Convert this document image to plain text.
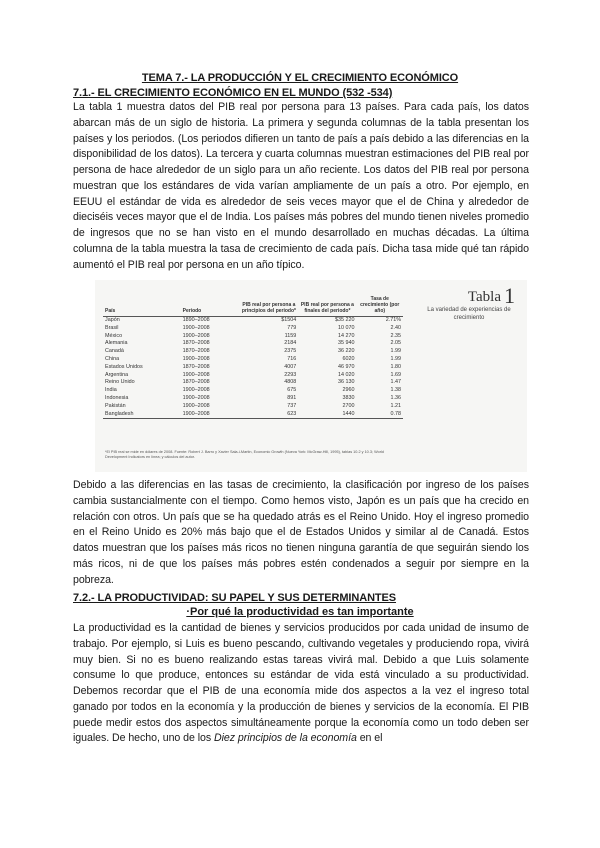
TEMA 7.- LA PRODUCCIÓN Y EL CRECIMIENTO ECONÓMICO

7.1.- EL CRECIMIENTO ECONÓMICO EN EL MUNDO (532 -534)

La tabla 1 muestra datos del PIB real por persona para 13 países. Para cada país, los datos abarcan más de un siglo de historia. La primera y segunda columnas de la tabla presentan los países y los periodos. (Los periodos difieren un tanto de país a país debido a las diferencias en la disponibilidad de los datos). La tercera y cuarta columnas muestran estimaciones del PIB real por persona de hace alrededor de un siglo para un año reciente. Los datos del PIB real por persona muestran que los estándares de vida varían ampliamente de un país a otro. Por ejemplo, en EEUU el estándar de vida es alrededor de seis veces mayor que el de China y alrededor de dieciséis veces mayor que el de India. Los países más pobres del mundo tienen niveles promedio de ingresos que no se han visto en el mundo desarrollado en muchas décadas. La última columna de la tabla muestra la tasa de crecimiento de cada país. Dicha tasa mide qué tan rápido aumentó el PIB real por persona en un año típico.

Tabla 1
La variedad de experiencias de crecimiento
País	Periodo	PIB real por persona a principios del periodo*	PIB real por persona a finales del periodo*	Tasa de crecimiento (por año)
Japón	1890–2008	$1504	$35 220	2.71%
Brasil	1900–2008	779	10 070	2.40
México	1900–2008	1159	14 270	2.35
Alemania	1870–2008	2184	35 940	2.05
Canadá	1870–2008	2375	36 220	1.99
China	1900–2008	716	6020	1.99
Estados Unidos	1870–2008	4007	46 970	1.80
Argentina	1900–2008	2293	14 020	1.69
Reino Unido	1870–2008	4808	36 130	1.47
India	1900–2008	675	2960	1.38
Indonesia	1900–2008	891	3830	1.36
Pakistán	1900–2008	737	2700	1.21
Bangladesh	1900–2008	623	1440	0.78
*El PIB real se mide en dólares de 2008. Fuente: Robert J. Barro y Xavier Sala-i-Martin, Economic Growth (Nueva York: McGraw-Hill, 1995), tablas 10.2 y 10.3; World Development Indicators en línea; y cálculos del autor.

Debido a las diferencias en las tasas de crecimiento, la clasificación por ingreso de los países cambia sustancialmente con el tiempo. Como hemos visto, Japón es un país que ha crecido en relación con otros. Un país que se ha quedado atrás es el Reino Unido. Hoy el ingreso promedio en el Reino Unido es 20% más bajo que el de Estados Unidos y similar al de Canadá. Estos datos muestran que los países más ricos no tienen ninguna garantía de que seguirán siendo los más ricos, ni de que los países más pobres estén condenados a seguir por siempre en la pobreza.

7.2.- LA PRODUCTIVIDAD: SU PAPEL Y SUS DETERMINANTES

·Por qué la productividad es tan importante

La productividad es la cantidad de bienes y servicios producidos por cada unidad de insumo de trabajo. Por ejemplo, si Luis es bueno pescando, cultivando vegetales y produciendo ropa, vivirá muy bien. Si no es bueno realizando estas tareas vivirá mal. Debido a que Luis solamente consume lo que produce, entonces su estándar de vida está vinculado a su productividad. Debemos recordar que el PIB de una economía mide dos aspectos a la vez el ingreso total ganado por todos en la economía y la producción de bienes y servicios de la economía. El PIB puede medir estos dos aspectos simultáneamente porque la economía como un todo deben ser iguales. De hecho, uno de los Diez principios de la economía en el
